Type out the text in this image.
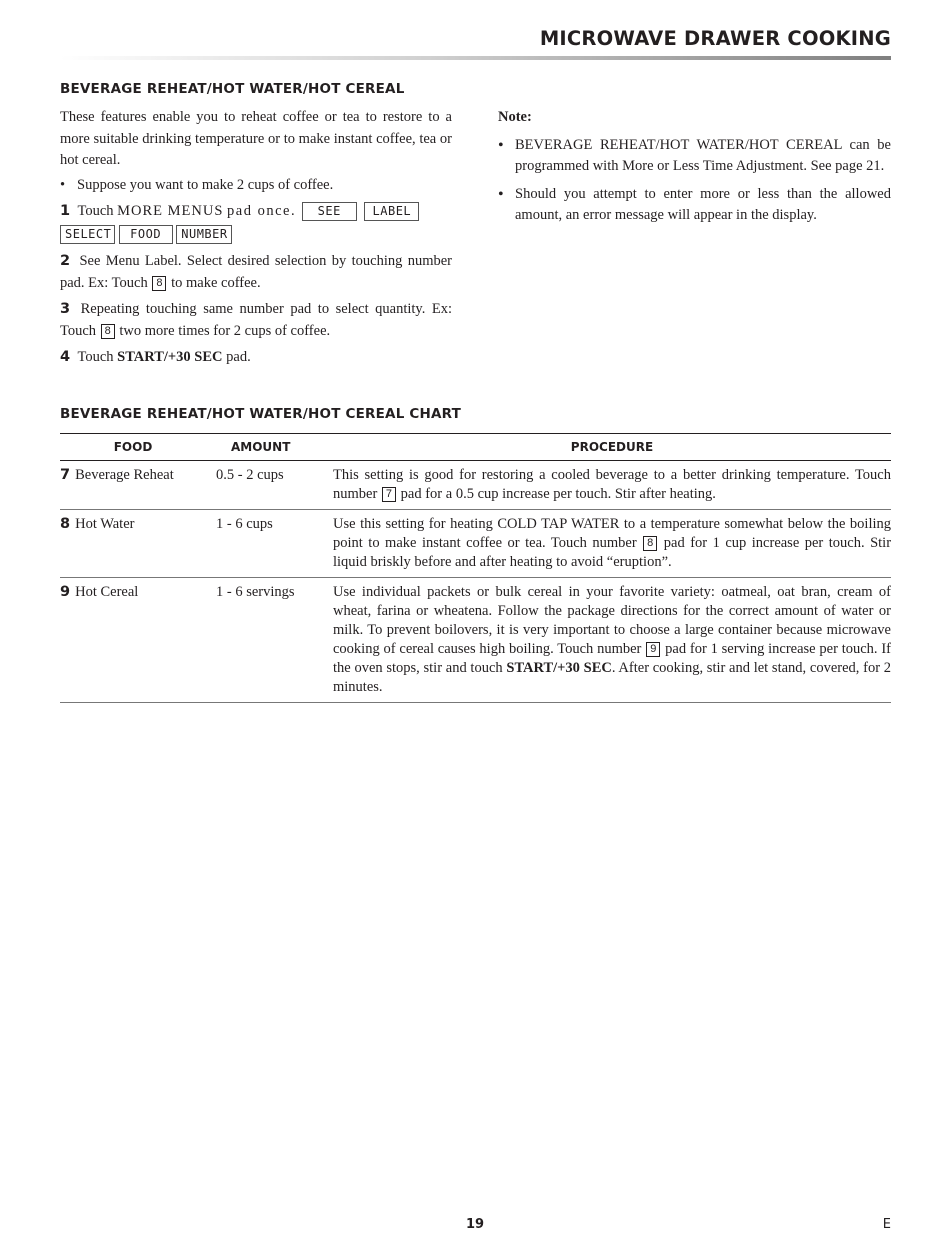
MICROWAVE DRAWER COOKING
BEVERAGE REHEAT/HOT WATER/HOT CEREAL

These features enable you to reheat coffee or tea to restore to a more suitable drinking temperature or to make instant coffee, tea or hot cereal.

• Suppose you want to make 2 cups of coffee.

1 Touch MORE MENUS pad once. SEE	LABEL
SELECT FOOD NUMBER

2 See Menu Label. Select desired selection by touching number pad. Ex: Touch 8 to make coffee.

3 Repeating touching same number pad to select quantity. Ex: Touch 8 two more times for 2 cups of coffee.

4 Touch START/+30 SEC pad.

Note:

• BEVERAGE REHEAT/HOT WATER/HOT CEREAL can be programmed with More or Less Time Adjustment. See page 21.
• Should you attempt to enter more or less than the allowed amount, an error message will appear in the display.
BEVERAGE REHEAT/HOT WATER/HOT CEREAL CHART
FOOD	AMOUNT	PROCEDURE
7 Beverage Reheat	0.5 - 2 cups	This setting is good for restoring a cooled beverage to a better drinking temperature. Touch number 7 pad for a 0.5 cup increase per touch. Stir after heating.
8 Hot Water	1 - 6 cups	Use this setting for heating COLD TAP WATER to a temperature somewhat below the boiling point to make instant coffee or tea. Touch number 8 pad for 1 cup increase per touch. Stir liquid briskly before and after heating to avoid “eruption”.
9 Hot Cereal	1 - 6 servings	Use individual packets or bulk cereal in your favorite variety: oatmeal, oat bran, cream of wheat, farina or wheatena. Follow the package directions for the correct amount of water or milk. To prevent boilovers, it is very important to choose a large container because microwave cooking of cereal causes high boiling. Touch number 9 pad for 1 serving increase per touch. If the oven stops, stir and touch START/+30 SEC. After cooking, stir and let stand, covered, for 2 minutes.
19	E
